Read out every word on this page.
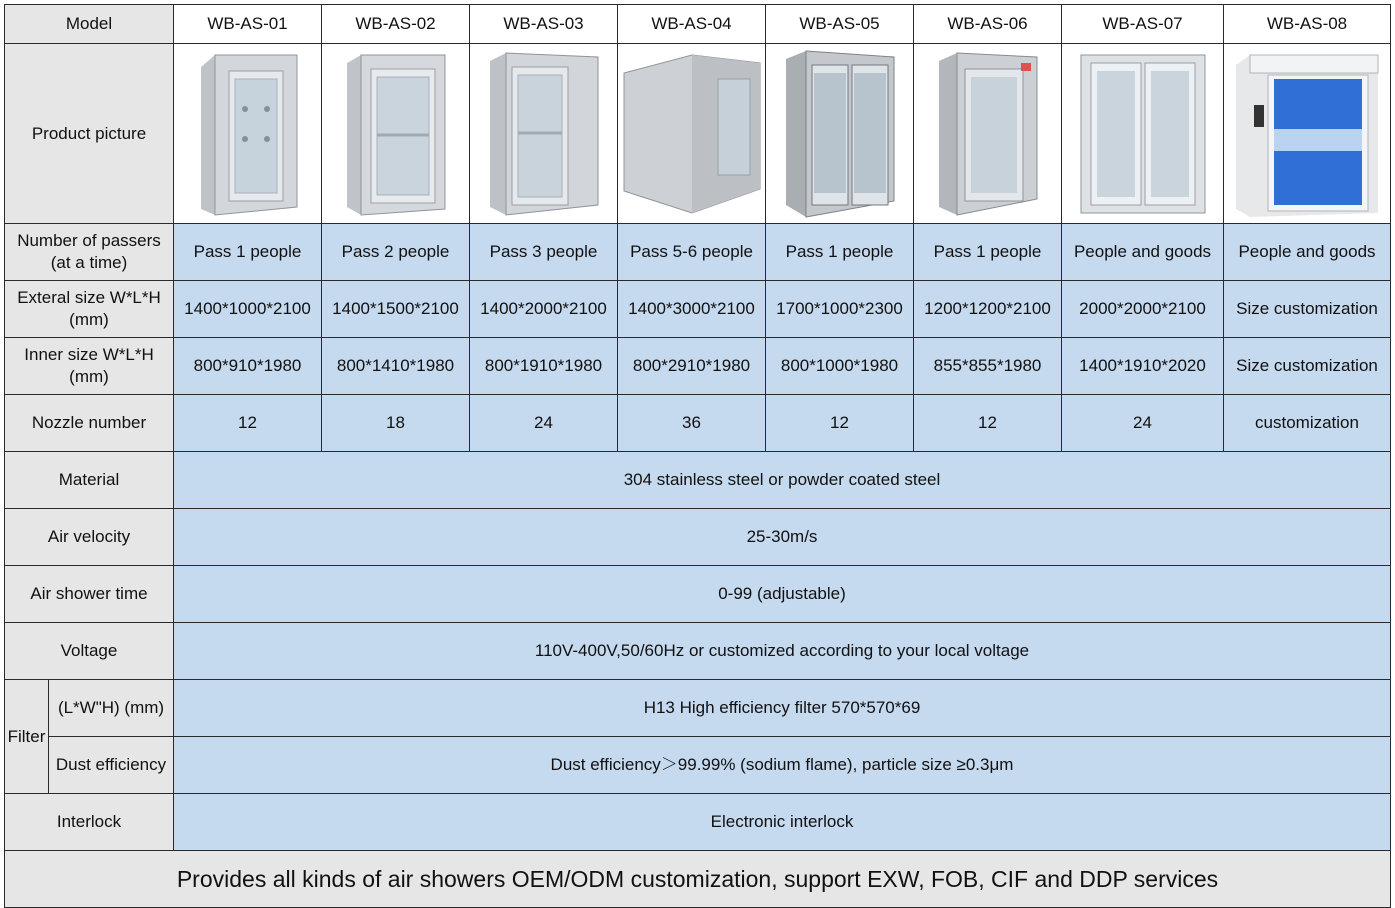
Model		WB-AS-01	WB-AS-02	WB-AS-03	WB-AS-04	WB-AS-05	WB-AS-06	WB-AS-07	WB-AS-08
Product picture	

Number of passers (at a time)		Pass 1 people	Pass 2 people	Pass 3 people	Pass 5-6 people	Pass 1 people	Pass 1 people	People and goods	People and goods
Exteral size W*L*H (mm)		1400*1000*2100	1400*1500*2100	1400*2000*2100	1400*3000*2100	1700*1000*2300	1200*1200*2100	2000*2000*2100	Size customization
Inner size W*L*H (mm)		800*910*1980	800*1410*1980	800*1910*1980	800*2910*1980	800*1000*1980	855*855*1980	1400*1910*2020	Size customization
Nozzle number		12	18	24	36	12	12	24	customization
Material		304 stainless steel or powder coated steel							
Air velocity		25-30m/s							
Air shower time		0-99 (adjustable)							
Voltage		110V-400V,50/60Hz or customized according to your local voltage							
Filter	(L*W"H) (mm)	H13 High efficiency filter 570*570*69							
	Dust efficiency	Dust efficiency＞99.99% (sodium flame), particle size ≥0.3μm							
Interlock		Electronic interlock							
Provides all kinds of air showers OEM/ODM customization, support EXW, FOB, CIF and DDP services									
